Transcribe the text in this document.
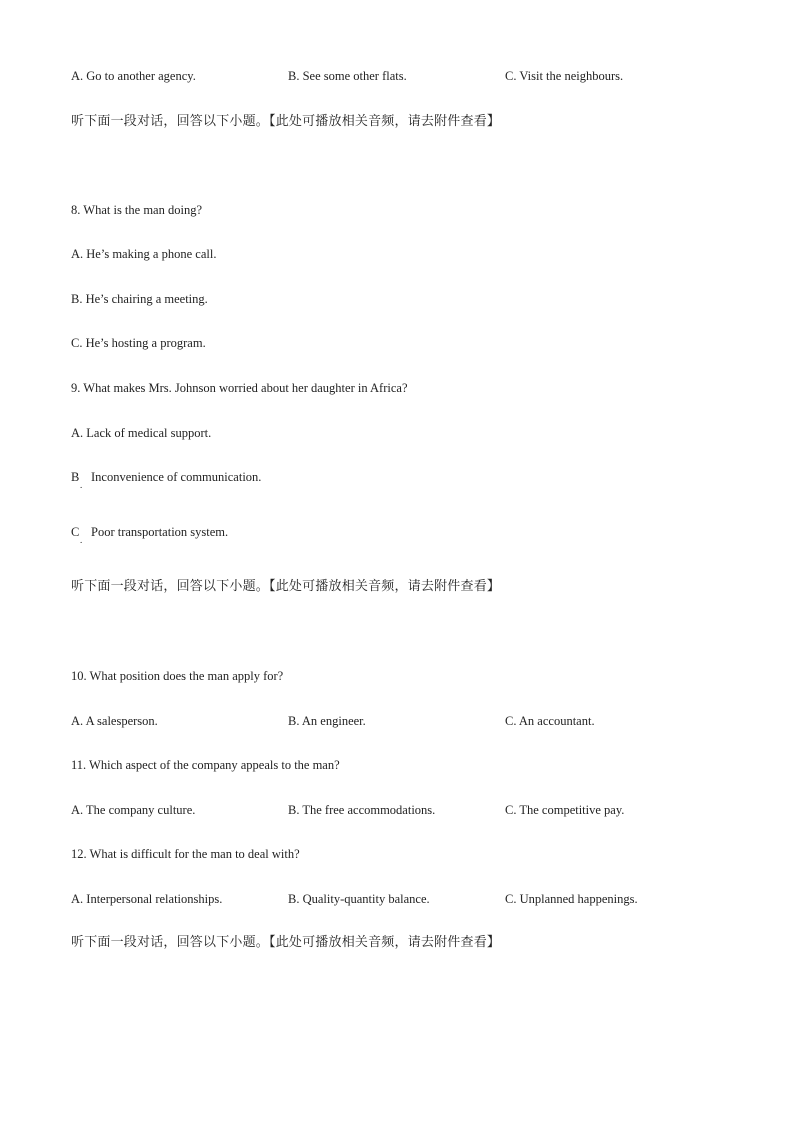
A. Go to another agency.	B. See some other flats.	C. Visit the neighbours.
听下面一段对话，回答以下小题。【此处可播放相关音频，请去附件查看】
8. What is the man doing?
A. He’s making a phone call.
B. He’s chairing a meeting.
C. He’s hosting a program.
9. What makes Mrs. Johnson worried about her daughter in Africa?
A. Lack of medical support.
B
.
Inconvenience of communication.
C
.
Poor transportation system.
听下面一段对话，回答以下小题。【此处可播放相关音频，请去附件查看】
10. What position does the man apply for?
A. A salesperson.	B. An engineer.	C. An accountant.
11. Which aspect of the company appeals to the man?
A. The company culture.	B. The free accommodations.	C. The competitive pay.
12. What is difficult for the man to deal with?
A. Interpersonal relationships.	B. Quality-quantity balance.	C. Unplanned happenings.
听下面一段对话，回答以下小题。【此处可播放相关音频，请去附件查看】
